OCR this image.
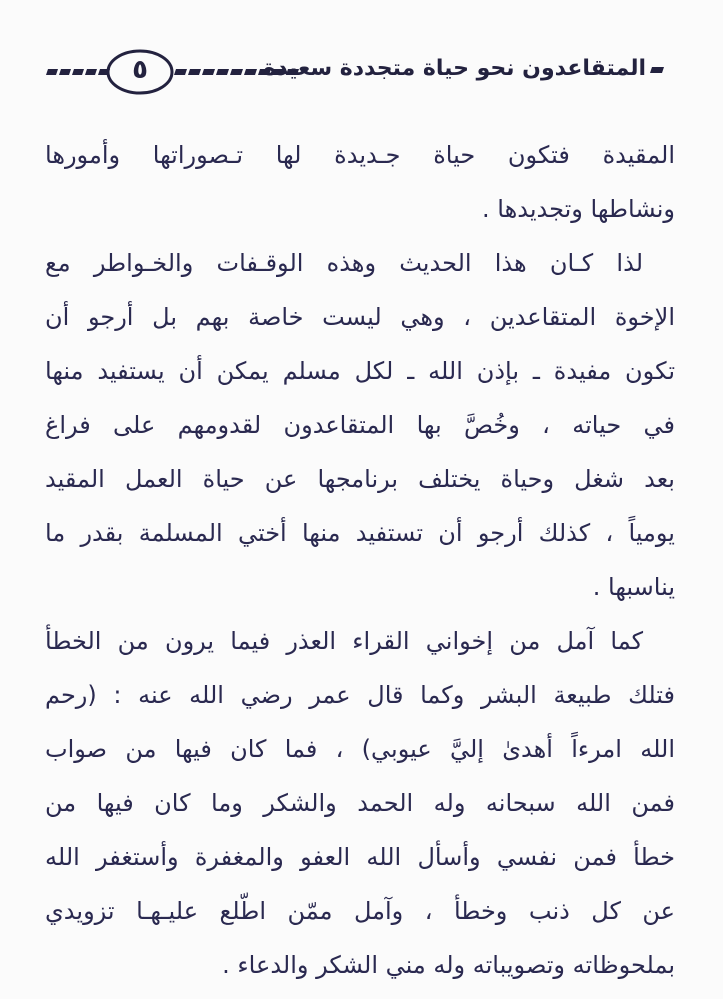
٥	المتقاعدون نحو حياة متجددة سعيدة
المقيدة فتكون حياة جـديدة لها تـصوراتها وأمورها
ونشاطها وتجديدها .
لذا كـان هذا الحديث وهذه الوقـفات والخـواطر مع
الإخوة المتقاعدين ، وهي ليست خاصة بهم بل أرجو أن
تكون مفيدة ـ بإذن الله ـ لكل مسلم يمكن أن يستفيد منها
في حياته ، وخُصَّ بها المتقاعدون لقدومهم على فراغ
بعد شغل وحياة يختلف برنامجها عن حياة العمل المقيد
يومياً ، كذلك أرجو أن تستفيد منها أختي المسلمة بقدر ما
يناسبها .
كما آمل من إخواني القراء العذر فيما يرون من الخطأ
فتلك طبيعة البشر وكما قال عمر رضي الله عنه : (رحم
الله امرءاً أهدىٰ إليَّ عيوبي) ، فما كان فيها من صواب
فمن الله سبحانه وله الحمد والشكر وما كان فيها من
خطأ فمن نفسي وأسأل الله العفو والمغفرة وأستغفر الله
عن كل ذنب وخطأ ، وآمل ممّن اطّلع عليـهـا تزويدي
بملحوظاته وتصويباته وله مني الشكر والدعاء .
